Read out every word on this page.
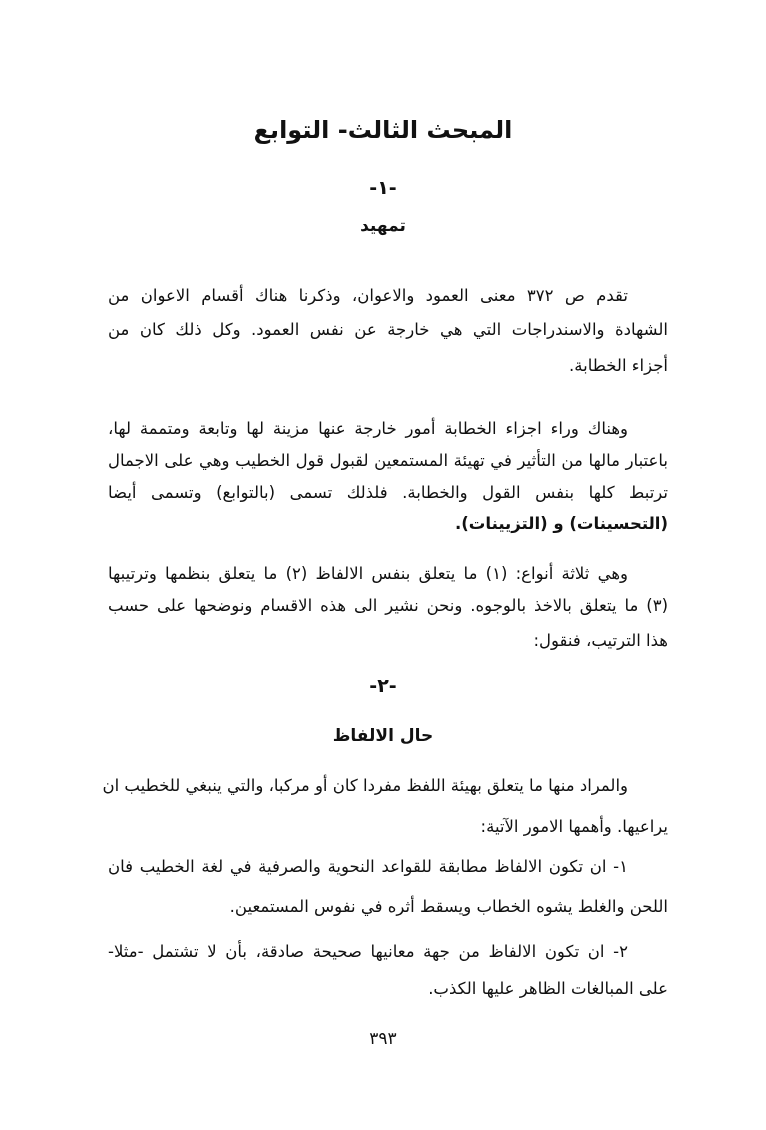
المبحث الثالث- التوابع
-١-
تمهيد
تقدم ص ٣٧٢ معنى العمود والاعوان، وذكرنا هناك أقسام الاعوان من
الشهادة والاسندراجات التي هي خارجة عن نفس العمود. وكل ذلك كان من
أجزاء الخطابة.
وهناك وراء اجزاء الخطابة أمور خارجة عنها مزينة لها وتابعة ومتممة لها،
باعتبار مالها من التأثير في تهيئة المستمعين لقبول قول الخطيب وهي على الاجمال
ترتبط كلها بنفس القول والخطابة. فلذلك تسمى (بالتوابع) وتسمى أيضا
(التحسينات) و (التزيينات).
وهي ثلاثة أنواع: (١) ما يتعلق بنفس الالفاظ (٢) ما يتعلق بنظمها وترتيبها
(٣) ما يتعلق بالاخذ بالوجوه. ونحن نشير الى هذه الاقسام ونوضحها على حسب
هذا الترتيب، فنقول:
-٢-
حال الالفاظ
والمراد منها ما يتعلق بهيئة اللفظ مفردا كان أو مركبا، والتي ينبغي للخطيب ان
يراعيها. وأهمها الامور الآتية:
١- ان تكون الالفاظ مطابقة للقواعد النحوية والصرفية في لغة الخطيب فان
اللحن والغلط يشوه الخطاب ويسقط أثره في نفوس المستمعين.
٢- ان تكون الالفاظ من جهة معانيها صحيحة صادقة، بأن لا تشتمل -مثلا-
على المبالغات الظاهر عليها الكذب.
٣٩٣
